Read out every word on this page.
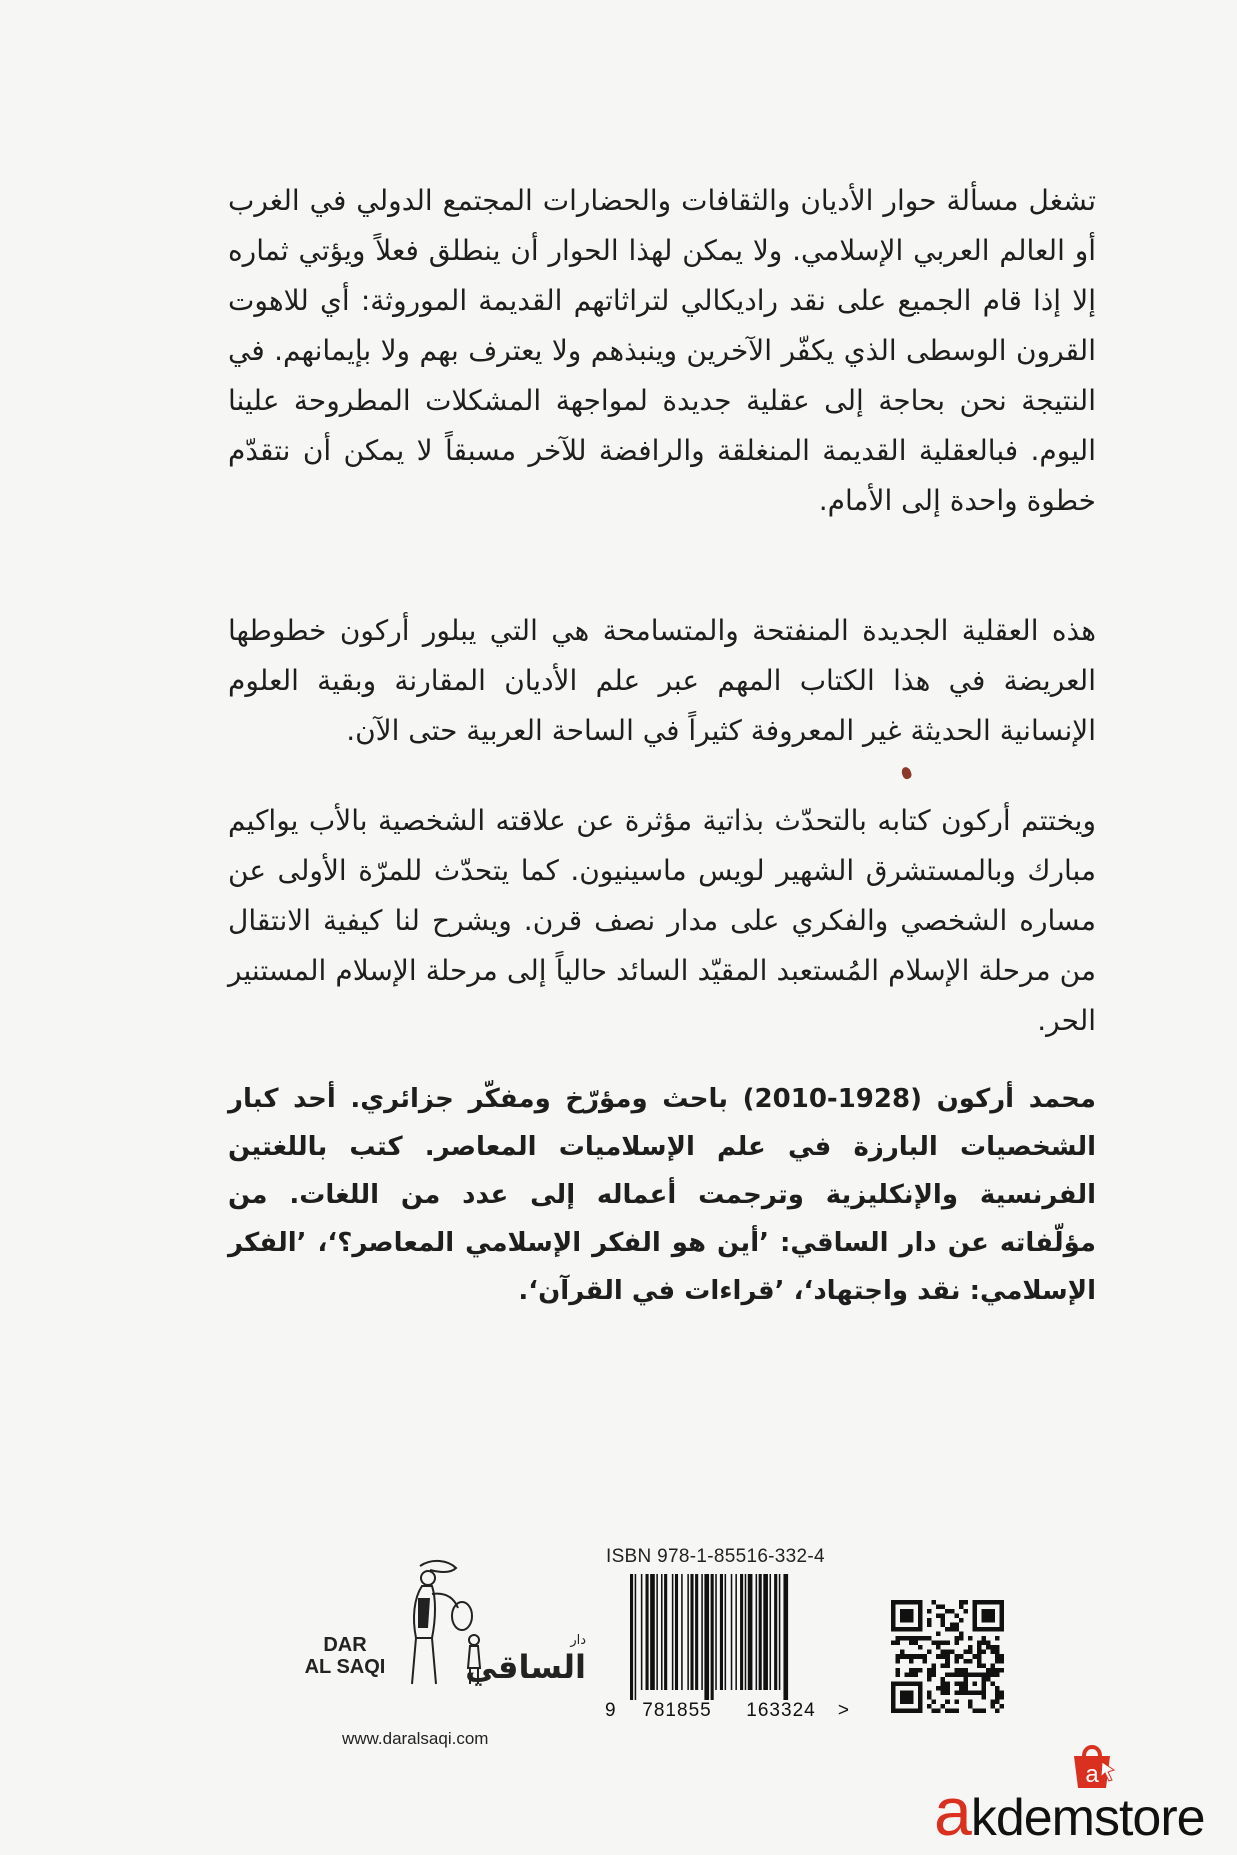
تشغل مسألة حوار الأديان والثقافات والحضارات المجتمع الدولي في الغرب أو العالم العربي الإسلامي. ولا يمكن لهذا الحوار أن ينطلق فعلاً ويؤتي ثماره إلا إذا قام الجميع على نقد راديكالي لتراثاتهم القديمة الموروثة: أي للاهوت القرون الوسطى الذي يكفّر الآخرين وينبذهم ولا يعترف بهم ولا بإيمانهم. في النتيجة نحن بحاجة إلى عقلية جديدة لمواجهة المشكلات المطروحة علينا اليوم. فبالعقلية القديمة المنغلقة والرافضة للآخر مسبقاً لا يمكن أن نتقدّم خطوة واحدة إلى الأمام.

هذه العقلية الجديدة المنفتحة والمتسامحة هي التي يبلور أركون خطوطها العريضة في هذا الكتاب المهم عبر علم الأديان المقارنة وبقية العلوم الإنسانية الحديثة غير المعروفة كثيراً في الساحة العربية حتى الآن.

ويختتم أركون كتابه بالتحدّث بذاتية مؤثرة عن علاقته الشخصية بالأب يواكيم مبارك وبالمستشرق الشهير لويس ماسينيون. كما يتحدّث للمرّة الأولى عن مساره الشخصي والفكري على مدار نصف قرن. ويشرح لنا كيفية الانتقال من مرحلة الإسلام المُستعبد المقيّد السائد حالياً إلى مرحلة الإسلام المستنير الحر.

محمد أركون (1928-2010) باحث ومؤرّخ ومفكّر جزائري. أحد كبار الشخصيات البارزة في علم الإسلاميات المعاصر. كتب باللغتين الفرنسية والإنكليزية وترجمت أعماله إلى عدد من اللغات. من مؤلّفاته عن دار الساقي: ’أين هو الفكر الإسلامي المعاصر؟‘، ’الفكر الإسلامي: نقد واجتهاد‘، ’قراءات في القرآن‘.

DAR
AL SAQI
دار
الساقي
www.daralsaqi.com
ISBN 978-1-85516-332-4
9 781855 163324 >
a
akdemstore
